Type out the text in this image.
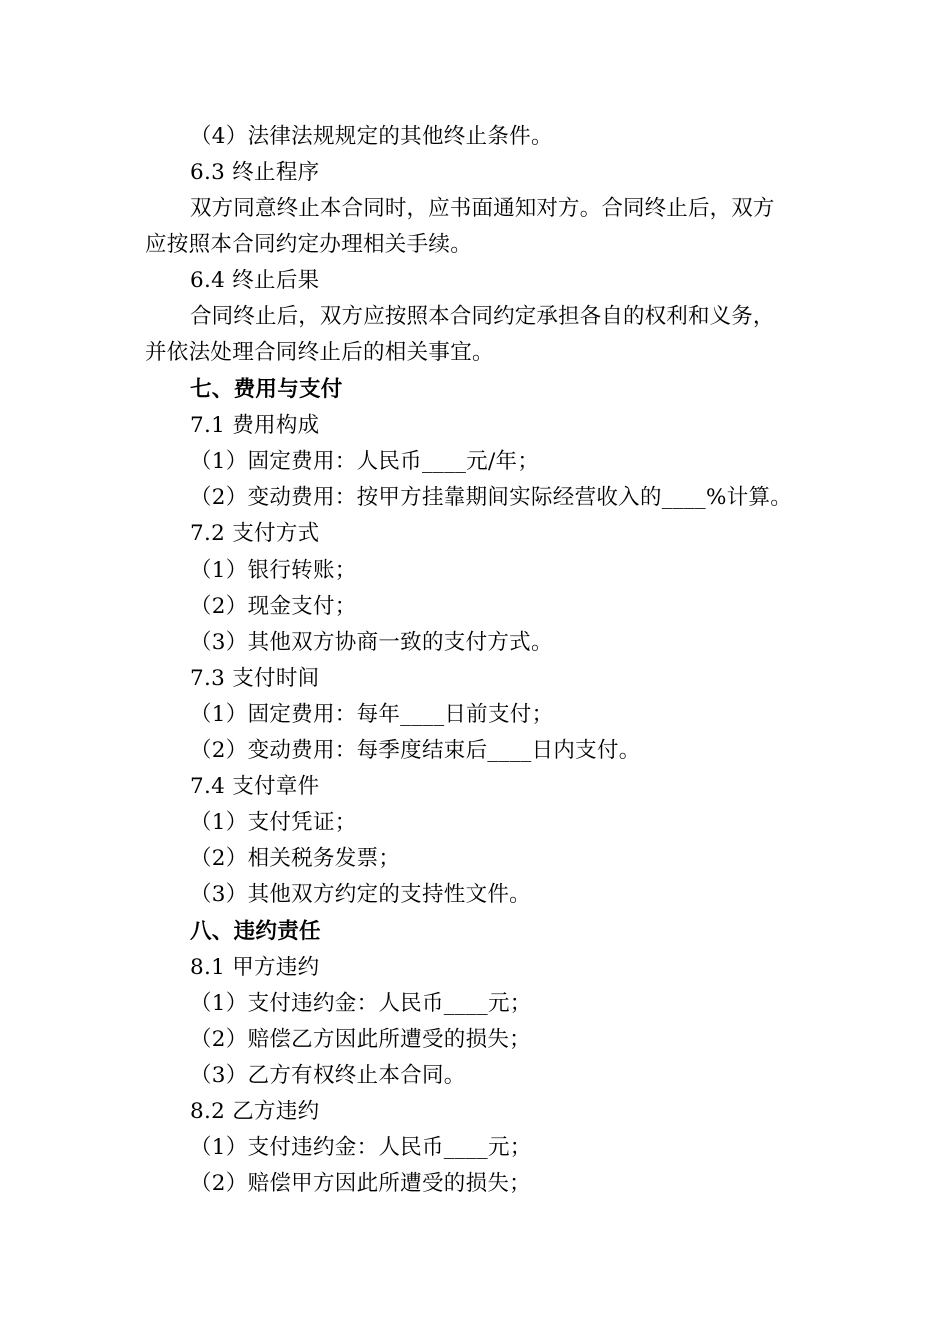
（4）法律法规规定的其他终止条件。
6.3 终止程序
双方同意终止本合同时，应书面通知对方。合同终止后，双方
应按照本合同约定办理相关手续。
6.4 终止后果
合同终止后，双方应按照本合同约定承担各自的权利和义务，
并依法处理合同终止后的相关事宜。
七、费用与支付
7.1 费用构成
（1）固定费用：人民币____元/年；
（2）变动费用：按甲方挂靠期间实际经营收入的____%计算。
7.2 支付方式
（1）银行转账；
（2）现金支付；
（3）其他双方协商一致的支付方式。
7.3 支付时间
（1）固定费用：每年____日前支付；
（2）变动费用：每季度结束后____日内支付。
7.4 支付章件
（1）支付凭证；
（2）相关税务发票；
（3）其他双方约定的支持性文件。
八、违约责任
8.1 甲方违约
（1）支付违约金：人民币____元；
（2）赔偿乙方因此所遭受的损失；
（3）乙方有权终止本合同。
8.2 乙方违约
（1）支付违约金：人民币____元；
（2）赔偿甲方因此所遭受的损失；
